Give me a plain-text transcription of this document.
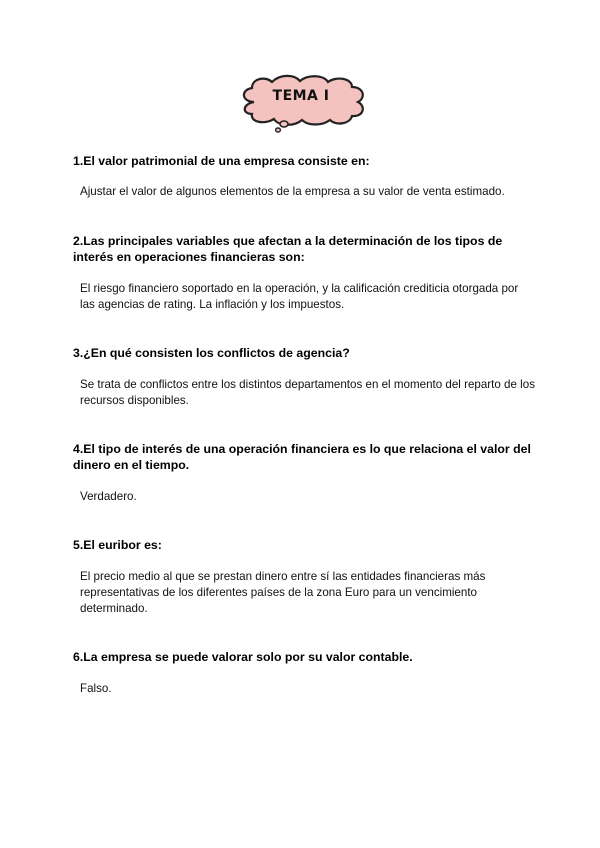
TEMA I

1.El valor patrimonial de una empresa consiste en:

Ajustar el valor de algunos elementos de la empresa a su valor de venta estimado.

2.Las principales variables que afectan a la determinación de los tipos de interés en operaciones financieras son:

El riesgo financiero soportado en la operación, y la calificación crediticia otorgada por las agencias de rating. La inflación y los impuestos.

3.¿En qué consisten los conflictos de agencia?

Se trata de conflictos entre los distintos departamentos en el momento del reparto de los recursos disponibles.

4.El tipo de interés de una operación financiera es lo que relaciona el valor del dinero en el tiempo.

Verdadero.

5.El euribor es:

El precio medio al que se prestan dinero entre sí las entidades financieras más representativas de los diferentes países de la zona Euro para un vencimiento determinado.

6.La empresa se puede valorar solo por su valor contable.

Falso.
